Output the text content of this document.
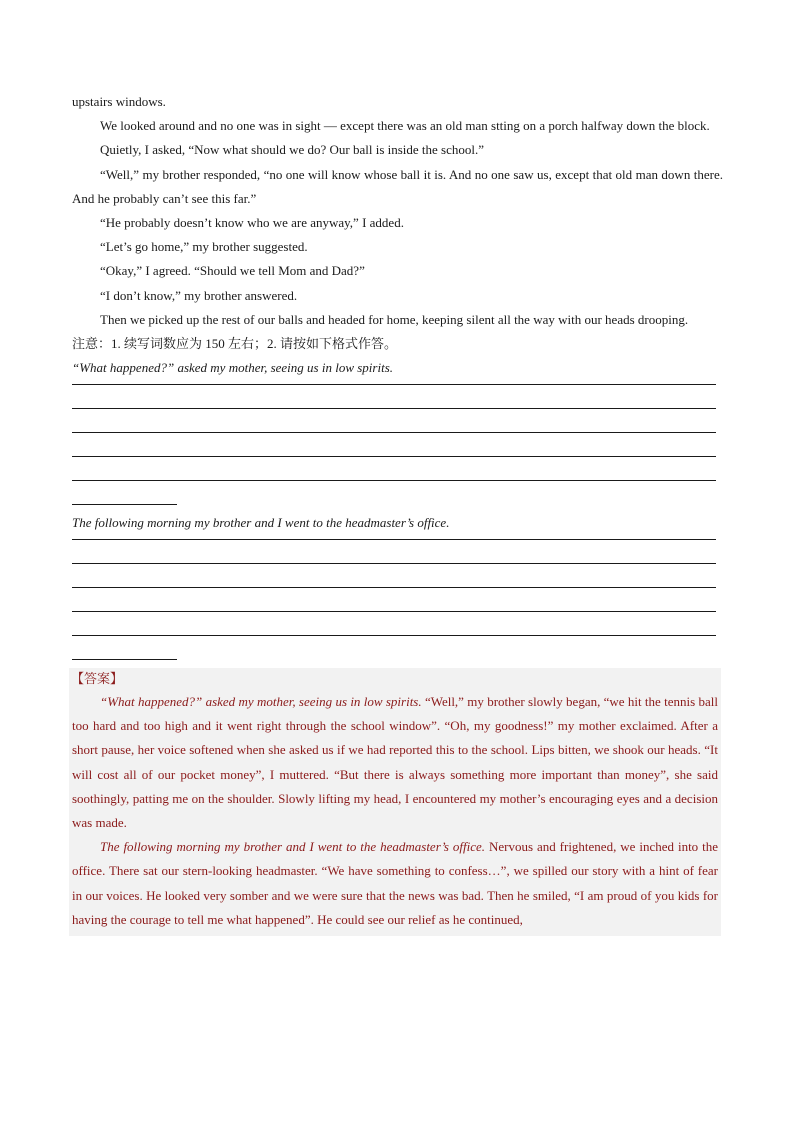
upstairs windows.

We looked around and no one was in sight — except there was an old man stting on a porch halfway down the block.

Quietly, I asked, “Now what should we do? Our ball is inside the school.”

“Well,” my brother responded, “no one will know whose ball it is. And no one saw us, except that old man down there. And he probably can’t see this far.”

“He probably doesn’t know who we are anyway,” I added.

“Let’s go home,” my brother suggested.

“Okay,” I agreed. “Should we tell Mom and Dad?”

“I don’t know,” my brother answered.

Then we picked up the rest of our balls and headed for home, keeping silent all the way with our heads drooping.

注意：1. 续写词数应为 150 左右；2. 请按如下格式作答。

“What happened?” asked my mother, seeing us in low spirits.

The following morning my brother and I went to the headmaster’s office.

【答案】

“What happened?” asked my mother, seeing us in low spirits. “Well,” my brother slowly began, “we hit the tennis ball too hard and too high and it went right through the school window”. “Oh, my goodness!” my mother exclaimed. After a short pause, her voice softened when she asked us if we had reported this to the school. Lips bitten, we shook our heads. “It will cost all of our pocket money”, I muttered. “But there is always something more important than money”, she said soothingly, patting me on the shoulder. Slowly lifting my head, I encountered my mother’s encouraging eyes and a decision was made.

The following morning my brother and I went to the headmaster’s office. Nervous and frightened, we inched into the office. There sat our stern-looking headmaster. “We have something to confess…”, we spilled our story with a hint of fear in our voices. He looked very somber and we were sure that the news was bad. Then he smiled, “I am proud of you kids for having the courage to tell me what happened”. He could see our relief as he continued,
